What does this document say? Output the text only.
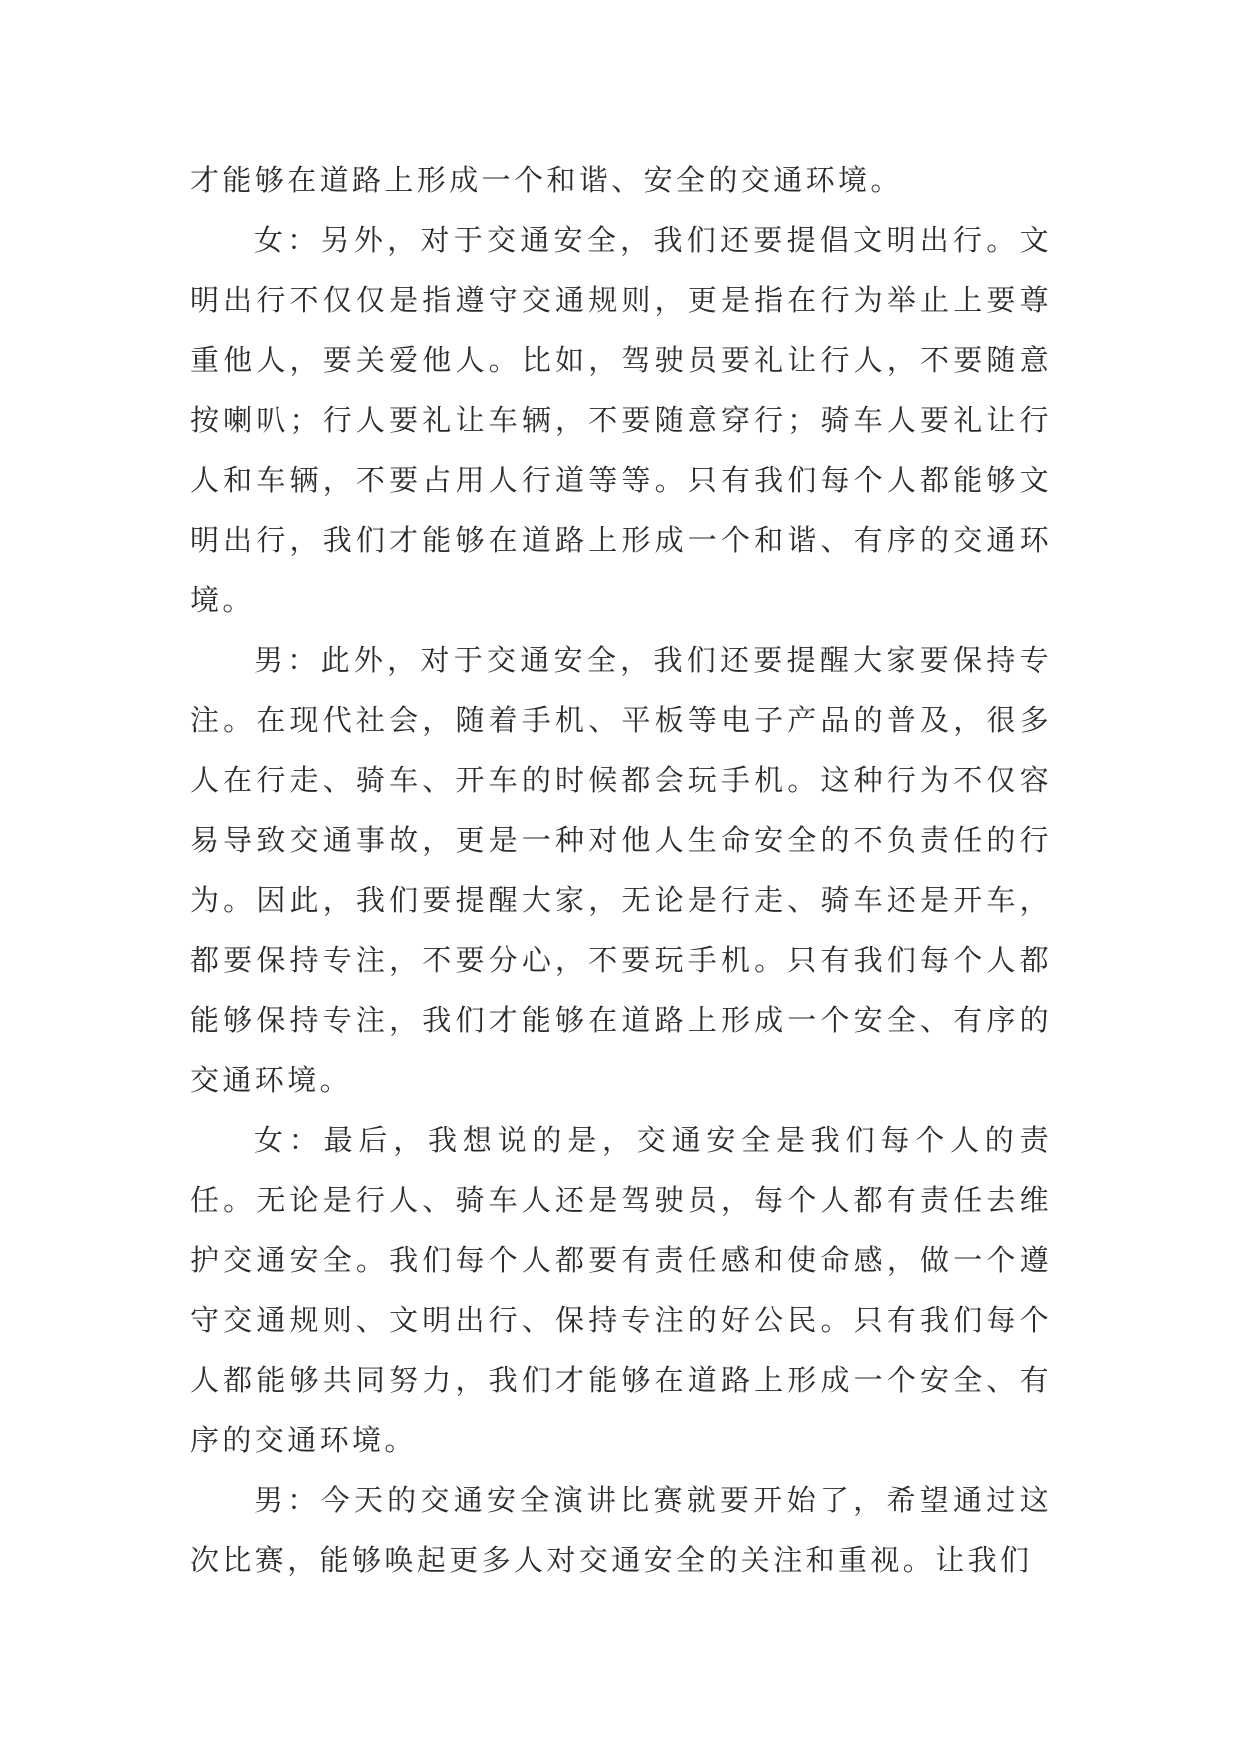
才能够在道路上形成一个和谐、安全的交通环境。

女：另外，对于交通安全，我们还要提倡文明出行。文明出行不仅仅是指遵守交通规则，更是指在行为举止上要尊重他人，要关爱他人。比如，驾驶员要礼让行人，不要随意按喇叭；行人要礼让车辆，不要随意穿行；骑车人要礼让行人和车辆，不要占用人行道等等。只有我们每个人都能够文明出行，我们才能够在道路上形成一个和谐、有序的交通环境。

男：此外，对于交通安全，我们还要提醒大家要保持专注。在现代社会，随着手机、平板等电子产品的普及，很多人在行走、骑车、开车的时候都会玩手机。这种行为不仅容易导致交通事故，更是一种对他人生命安全的不负责任的行为。因此，我们要提醒大家，无论是行走、骑车还是开车，都要保持专注，不要分心，不要玩手机。只有我们每个人都能够保持专注，我们才能够在道路上形成一个安全、有序的交通环境。

女：最后，我想说的是，交通安全是我们每个人的责任。无论是行人、骑车人还是驾驶员，每个人都有责任去维护交通安全。我们每个人都要有责任感和使命感，做一个遵守交通规则、文明出行、保持专注的好公民。只有我们每个人都能够共同努力，我们才能够在道路上形成一个安全、有序的交通环境。

男：今天的交通安全演讲比赛就要开始了，希望通过这次比赛，能够唤起更多人对交通安全的关注和重视。让我们
